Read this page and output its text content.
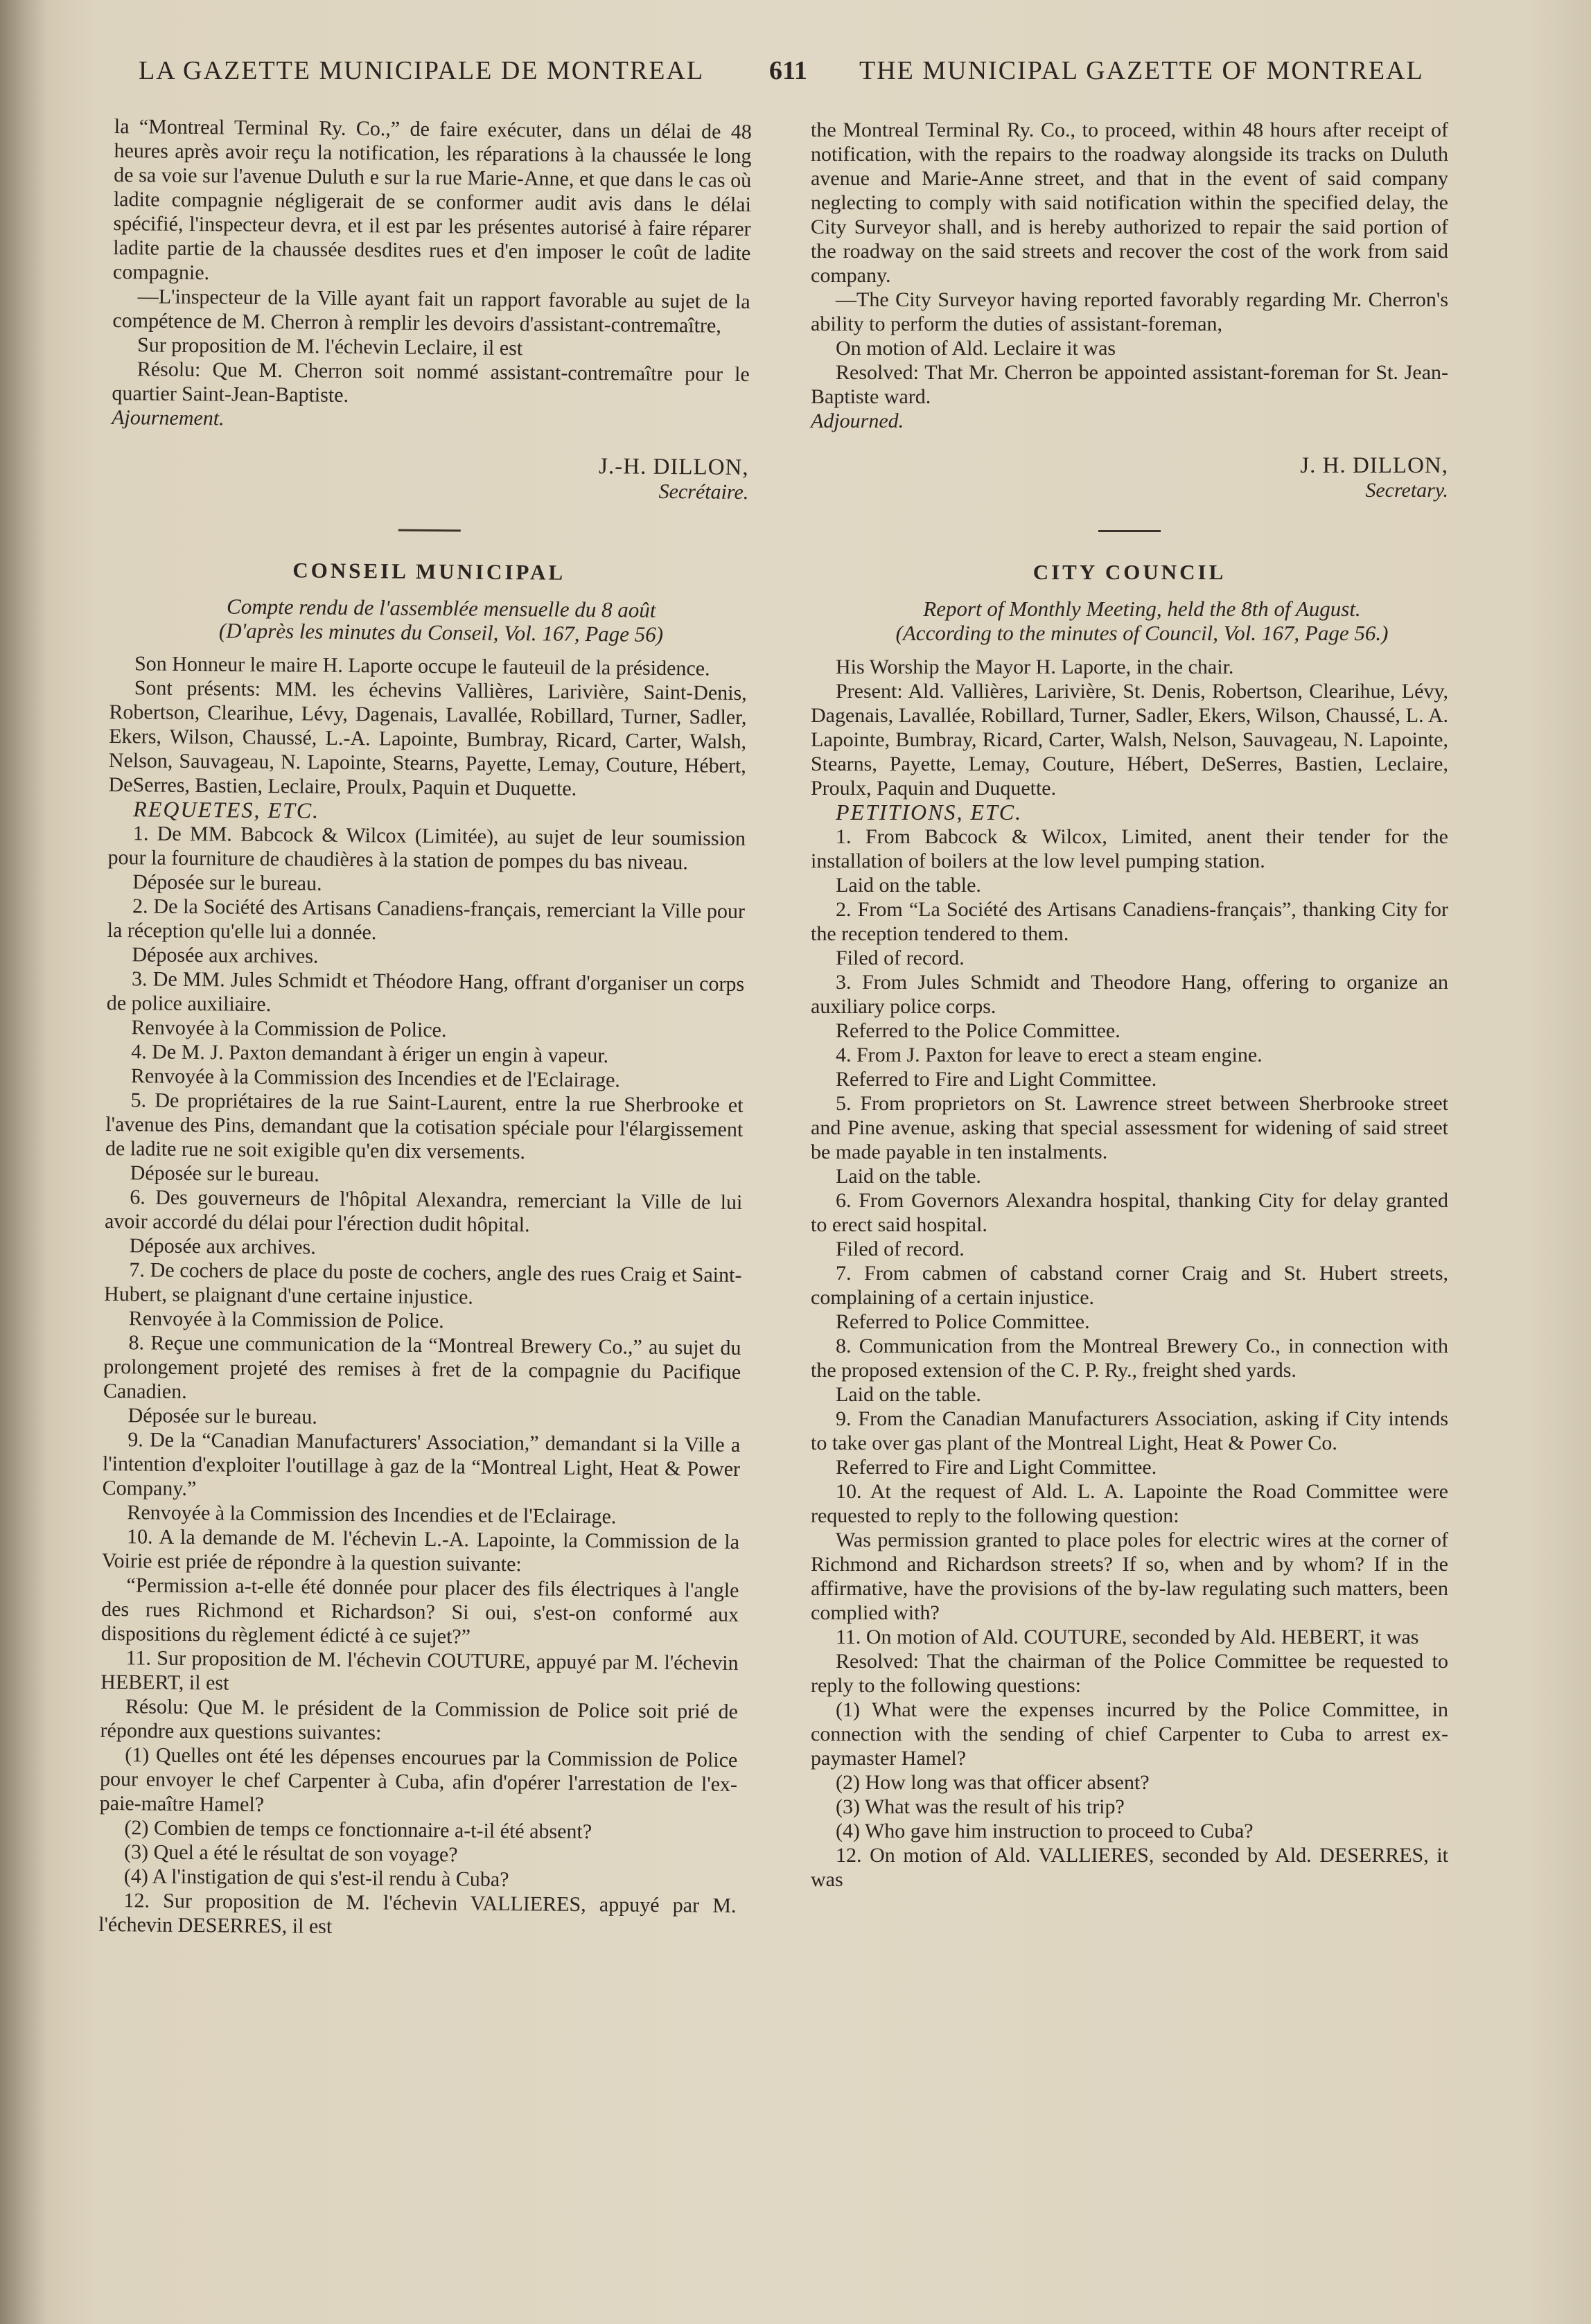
LA GAZETTE MUNICIPALE DE MONTREAL 611 THE MUNICIPAL GAZETTE OF MONTREAL

la “Montreal Terminal Ry. Co.,” de faire exécuter, dans un délai de 48 heures après avoir reçu la notification, les réparations à la chaussée le long de sa voie sur l'avenue Duluth e sur la rue Marie-Anne, et que dans le cas où ladite compagnie négligerait de se conformer audit avis dans le délai spécifié, l'inspecteur devra, et il est par les présentes autorisé à faire réparer ladite partie de la chaussée desdites rues et d'en imposer le coût de ladite compagnie.

—L'inspecteur de la Ville ayant fait un rapport favorable au sujet de la compétence de M. Cherron à remplir les devoirs d'assistant-contremaître,

Sur proposition de M. l'échevin Leclaire, il est

Résolu: Que M. Cherron soit nommé assistant-contremaître pour le quartier Saint-Jean-Baptiste.

Ajournement.

J.-H. DILLON,
Secrétaire.
CONSEIL MUNICIPAL

Compte rendu de l'assemblée mensuelle du 8 août

(D'après les minutes du Conseil, Vol. 167, Page 56)

Son Honneur le maire H. Laporte occupe le fauteuil de la présidence.

Sont présents: MM. les échevins Vallières, Larivière, Saint-Denis, Robertson, Clearihue, Lévy, Dagenais, Lavallée, Robillard, Turner, Sadler, Ekers, Wilson, Chaussé, L.-A. Lapointe, Bumbray, Ricard, Carter, Walsh, Nelson, Sauvageau, N. Lapointe, Stearns, Payette, Lemay, Couture, Hébert, DeSerres, Bastien, Leclaire, Proulx, Paquin et Duquette.

REQUETES, ETC.

1. De MM. Babcock & Wilcox (Limitée), au sujet de leur soumission pour la fourniture de chaudières à la station de pompes du bas niveau.

Déposée sur le bureau.

2. De la Société des Artisans Canadiens-français, remerciant la Ville pour la réception qu'elle lui a donnée.

Déposée aux archives.

3. De MM. Jules Schmidt et Théodore Hang, offrant d'organiser un corps de police auxiliaire.

Renvoyée à la Commission de Police.

4. De M. J. Paxton demandant à ériger un engin à vapeur.

Renvoyée à la Commission des Incendies et de l'Eclairage.

5. De propriétaires de la rue Saint-Laurent, entre la rue Sherbrooke et l'avenue des Pins, demandant que la cotisation spéciale pour l'élargissement de ladite rue ne soit exigible qu'en dix versements.

Déposée sur le bureau.

6. Des gouverneurs de l'hôpital Alexandra, remerciant la Ville de lui avoir accordé du délai pour l'érection dudit hôpital.

Déposée aux archives.

7. De cochers de place du poste de cochers, angle des rues Craig et Saint-Hubert, se plaignant d'une certaine injustice.

Renvoyée à la Commission de Police.

8. Reçue une communication de la “Montreal Brewery Co.,” au sujet du prolongement projeté des remises à fret de la compagnie du Pacifique Canadien.

Déposée sur le bureau.

9. De la “Canadian Manufacturers' Association,” demandant si la Ville a l'intention d'exploiter l'outillage à gaz de la “Montreal Light, Heat & Power Company.”

Renvoyée à la Commission des Incendies et de l'Eclairage.

10. A la demande de M. l'échevin L.-A. Lapointe, la Commission de la Voirie est priée de répondre à la question suivante:

“Permission a-t-elle été donnée pour placer des fils électriques à l'angle des rues Richmond et Richardson? Si oui, s'est-on conformé aux dispositions du règlement édicté à ce sujet?”

11. Sur proposition de M. l'échevin COUTURE, appuyé par M. l'échevin HEBERT, il est

Résolu: Que M. le président de la Commission de Police soit prié de répondre aux questions suivantes:

(1) Quelles ont été les dépenses encourues par la Commission de Police pour envoyer le chef Carpenter à Cuba, afin d'opérer l'arrestation de l'ex-paie-maître Hamel?

(2) Combien de temps ce fonctionnaire a-t-il été absent?

(3) Quel a été le résultat de son voyage?

(4) A l'instigation de qui s'est-il rendu à Cuba?

12. Sur proposition de M. l'échevin VALLIERES, appuyé par M. l'échevin DESERRES, il est

the Montreal Terminal Ry. Co., to proceed, within 48 hours after receipt of notification, with the repairs to the roadway alongside its tracks on Duluth avenue and Marie-Anne street, and that in the event of said company neglecting to comply with said notification within the specified delay, the City Surveyor shall, and is hereby authorized to repair the said portion of the roadway on the said streets and recover the cost of the work from said company.

—The City Surveyor having reported favorably regarding Mr. Cherron's ability to perform the duties of assistant-foreman,

On motion of Ald. Leclaire it was

Resolved: That Mr. Cherron be appointed assistant-foreman for St. Jean-Baptiste ward.

Adjourned.

J. H. DILLON,
Secretary.
CITY COUNCIL

Report of Monthly Meeting, held the 8th of August.

(According to the minutes of Council, Vol. 167, Page 56.)

His Worship the Mayor H. Laporte, in the chair.

Present: Ald. Vallières, Larivière, St. Denis, Robertson, Clearihue, Lévy, Dagenais, Lavallée, Robillard, Turner, Sadler, Ekers, Wilson, Chaussé, L. A. Lapointe, Bumbray, Ricard, Carter, Walsh, Nelson, Sauvageau, N. Lapointe, Stearns, Payette, Lemay, Couture, Hébert, DeSerres, Bastien, Leclaire, Proulx, Paquin and Duquette.

PETITIONS, ETC.

1. From Babcock & Wilcox, Limited, anent their tender for the installation of boilers at the low level pumping station.

Laid on the table.

2. From “La Société des Artisans Canadiens-français”, thanking City for the reception tendered to them.

Filed of record.

3. From Jules Schmidt and Theodore Hang, offering to organize an auxiliary police corps.

Referred to the Police Committee.

4. From J. Paxton for leave to erect a steam engine.

Referred to Fire and Light Committee.

5. From proprietors on St. Lawrence street between Sherbrooke street and Pine avenue, asking that special assessment for widening of said street be made payable in ten instalments.

Laid on the table.

6. From Governors Alexandra hospital, thanking City for delay granted to erect said hospital.

Filed of record.

7. From cabmen of cabstand corner Craig and St. Hubert streets, complaining of a certain injustice.

Referred to Police Committee.

8. Communication from the Montreal Brewery Co., in connection with the proposed extension of the C. P. Ry., freight shed yards.

Laid on the table.

9. From the Canadian Manufacturers Association, asking if City intends to take over gas plant of the Montreal Light, Heat & Power Co.

Referred to Fire and Light Committee.

10. At the request of Ald. L. A. Lapointe the Road Committee were requested to reply to the following question:

Was permission granted to place poles for electric wires at the corner of Richmond and Richardson streets? If so, when and by whom? If in the affirmative, have the provisions of the by-law regulating such matters, been complied with?

11. On motion of Ald. COUTURE, seconded by Ald. HEBERT, it was

Resolved: That the chairman of the Police Committee be requested to reply to the following questions:

(1) What were the expenses incurred by the Police Committee, in connection with the sending of chief Carpenter to Cuba to arrest ex-paymaster Hamel?

(2) How long was that officer absent?

(3) What was the result of his trip?

(4) Who gave him instruction to proceed to Cuba?

12. On motion of Ald. VALLIERES, seconded by Ald. DESERRES, it was
